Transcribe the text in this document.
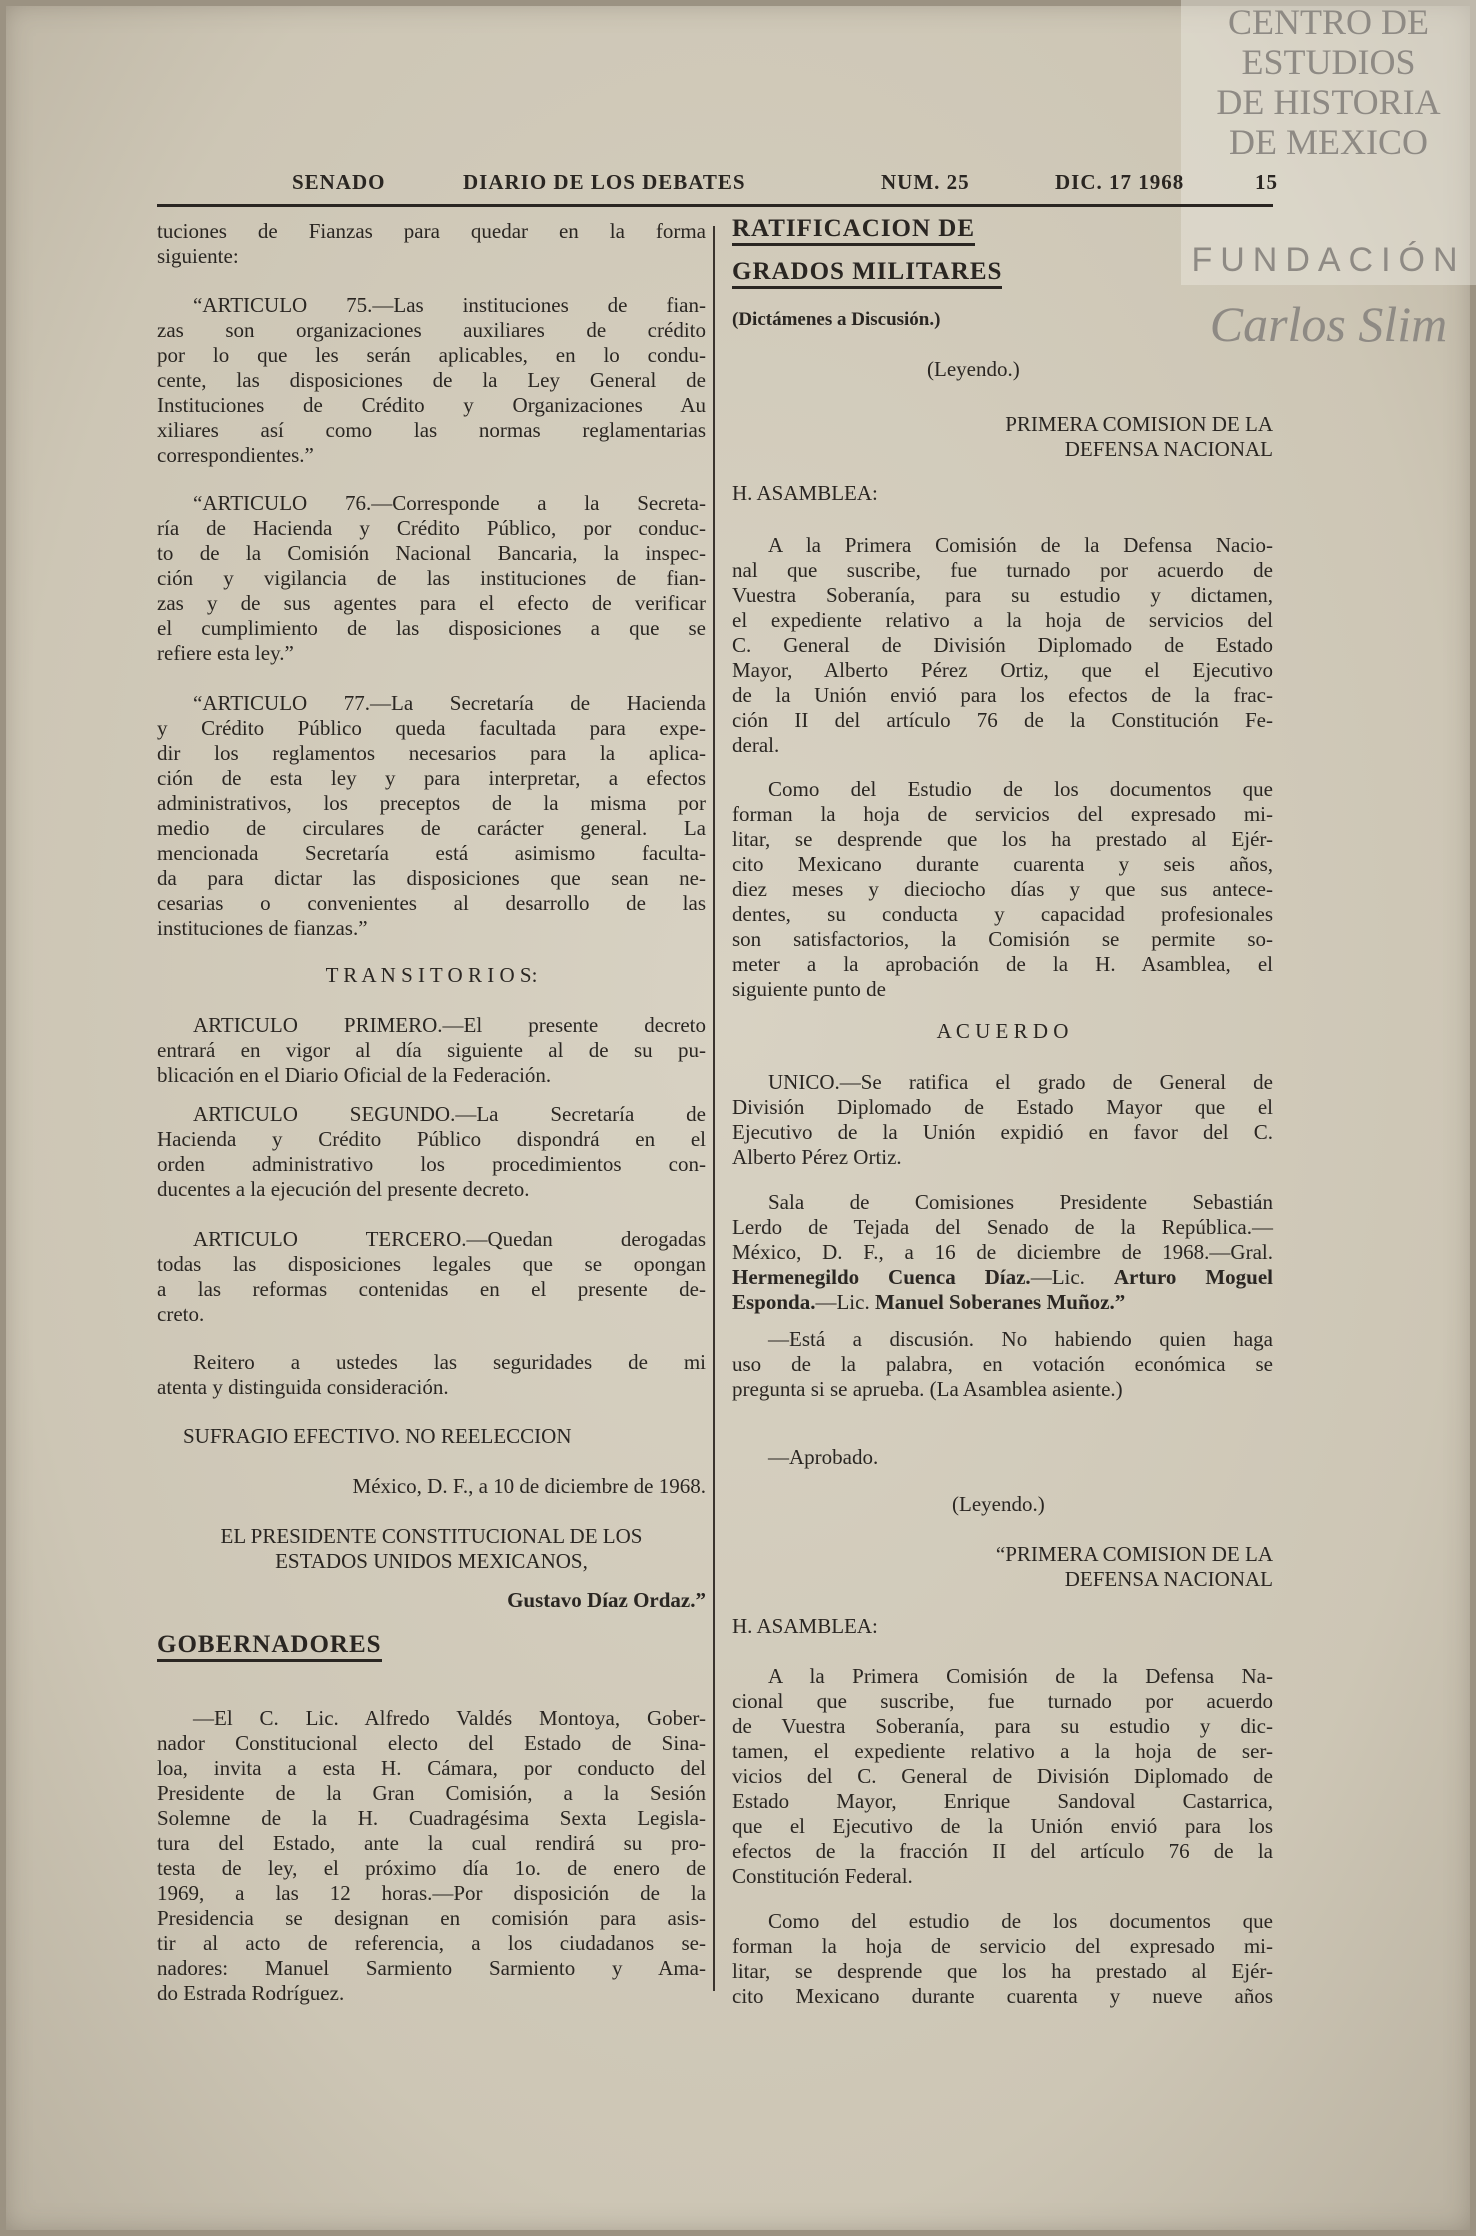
CENTRO DE
ESTUDIOS
DE HISTORIA
DE MEXICO
FUNDACIÓN
Carlos Slim
SENADO	DIARIO DE LOS DEBATES	NUM. 25	DIC. 17 1968	15
tuciones de Fianzas para quedar en la forma
siguiente:
“ARTICULO 75.—Las instituciones de fian-
zas son organizaciones auxiliares de crédito
por lo que les serán aplicables, en lo condu-
cente, las disposiciones de la Ley General de
Instituciones de Crédito y Organizaciones Au
xiliares así como las normas reglamentarias
correspondientes.”
“ARTICULO 76.—Corresponde a la Secreta-
ría de Hacienda y Crédito Público, por conduc-
to de la Comisión Nacional Bancaria, la inspec-
ción y vigilancia de las instituciones de fian-
zas y de sus agentes para el efecto de verificar
el cumplimiento de las disposiciones a que se
refiere esta ley.”
“ARTICULO 77.—La Secretaría de Hacienda
y Crédito Público queda facultada para expe-
dir los reglamentos necesarios para la aplica-
ción de esta ley y para interpretar, a efectos
administrativos, los preceptos de la misma por
medio de circulares de carácter general. La
mencionada Secretaría está asimismo faculta-
da para dictar las disposiciones que sean ne-
cesarias o convenientes al desarrollo de las
instituciones de fianzas.”
T R A N S I T O R I O S:
ARTICULO PRIMERO.—El presente decreto
entrará en vigor al día siguiente al de su pu-
blicación en el Diario Oficial de la Federación.
ARTICULO SEGUNDO.—La Secretaría de
Hacienda y Crédito Público dispondrá en el
orden administrativo los procedimientos con-
ducentes a la ejecución del presente decreto.
ARTICULO TERCERO.—Quedan derogadas
todas las disposiciones legales que se opongan
a las reformas contenidas en el presente de-
creto.
Reitero a ustedes las seguridades de mi
atenta y distinguida consideración.
SUFRAGIO EFECTIVO. NO REELECCION
México, D. F., a 10 de diciembre de 1968.
EL PRESIDENTE CONSTITUCIONAL DE LOS
ESTADOS UNIDOS MEXICANOS,
Gustavo Díaz Ordaz.”
GOBERNADORES
—El C. Lic. Alfredo Valdés Montoya, Gober-
nador Constitucional electo del Estado de Sina-
loa, invita a esta H. Cámara, por conducto del
Presidente de la Gran Comisión, a la Sesión
Solemne de la H. Cuadragésima Sexta Legisla-
tura del Estado, ante la cual rendirá su pro-
testa de ley, el próximo día 1o. de enero de
1969, a las 12 horas.—Por disposición de la
Presidencia se designan en comisión para asis-
tir al acto de referencia, a los ciudadanos se-
nadores: Manuel Sarmiento Sarmiento y Ama-
do Estrada Rodríguez.
RATIFICACION DE
GRADOS MILITARES
(Dictámenes a Discusión.)
(Leyendo.)
PRIMERA COMISION DE LA
DEFENSA NACIONAL
H. ASAMBLEA:
A la Primera Comisión de la Defensa Nacio-
nal que suscribe, fue turnado por acuerdo de
Vuestra Soberanía, para su estudio y dictamen,
el expediente relativo a la hoja de servicios del
C. General de División Diplomado de Estado
Mayor, Alberto Pérez Ortiz, que el Ejecutivo
de la Unión envió para los efectos de la frac-
ción II del artículo 76 de la Constitución Fe-
deral.
Como del Estudio de los documentos que
forman la hoja de servicios del expresado mi-
litar, se desprende que los ha prestado al Ejér-
cito Mexicano durante cuarenta y seis años,
diez meses y dieciocho días y que sus antece-
dentes, su conducta y capacidad profesionales
son satisfactorios, la Comisión se permite so-
meter a la aprobación de la H. Asamblea, el
siguiente punto de
A C U E R D O
UNICO.—Se ratifica el grado de General de
División Diplomado de Estado Mayor que el
Ejecutivo de la Unión expidió en favor del C.
Alberto Pérez Ortiz.
Sala de Comisiones Presidente Sebastián
Lerdo de Tejada del Senado de la República.—
México, D. F., a 16 de diciembre de 1968.—Gral.
Hermenegildo Cuenca Díaz.—Lic. Arturo Moguel
Esponda.—Lic. Manuel Soberanes Muñoz.”
—Está a discusión. No habiendo quien haga
uso de la palabra, en votación económica se
pregunta si se aprueba. (La Asamblea asiente.)
—Aprobado.
(Leyendo.)
“PRIMERA COMISION DE LA
DEFENSA NACIONAL
H. ASAMBLEA:
A la Primera Comisión de la Defensa Na-
cional que suscribe, fue turnado por acuerdo
de Vuestra Soberanía, para su estudio y dic-
tamen, el expediente relativo a la hoja de ser-
vicios del C. General de División Diplomado de
Estado Mayor, Enrique Sandoval Castarrica,
que el Ejecutivo de la Unión envió para los
efectos de la fracción II del artículo 76 de la
Constitución Federal.
Como del estudio de los documentos que
forman la hoja de servicio del expresado mi-
litar, se desprende que los ha prestado al Ejér-
cito Mexicano durante cuarenta y nueve años
